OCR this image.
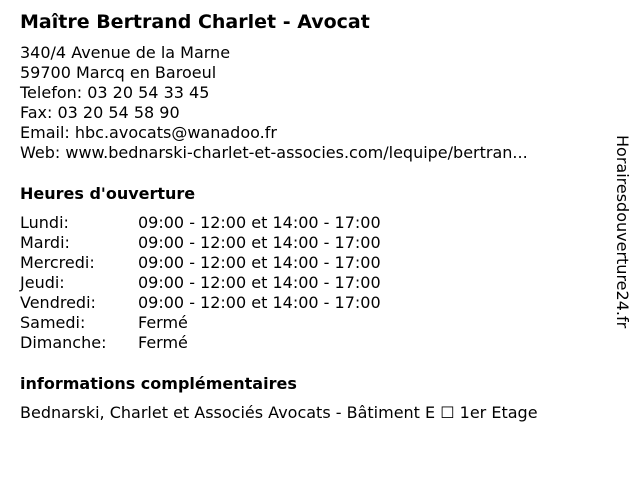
Maître Bertrand Charlet - Avocat
340/4 Avenue de la Marne
59700 Marcq en Baroeul
Telefon: 03 20 54 33 45
Fax: 03 20 54 58 90
Email: hbc.avocats@wanadoo.fr
Web: www.bednarski-charlet-et-associes.com/lequipe/bertran...
Heures d'ouverture
Lundi:	09:00 - 12:00 et 14:00 - 17:00
Mardi:	09:00 - 12:00 et 14:00 - 17:00
Mercredi:	09:00 - 12:00 et 14:00 - 17:00
Jeudi:	09:00 - 12:00 et 14:00 - 17:00
Vendredi:	09:00 - 12:00 et 14:00 - 17:00
Samedi:	Fermé
Dimanche: Fermé
informations complémentaires
Bednarski, Charlet et Associés Avocats - Bâtiment E ☐ 1er Etage
Horairesdouverture24.fr
